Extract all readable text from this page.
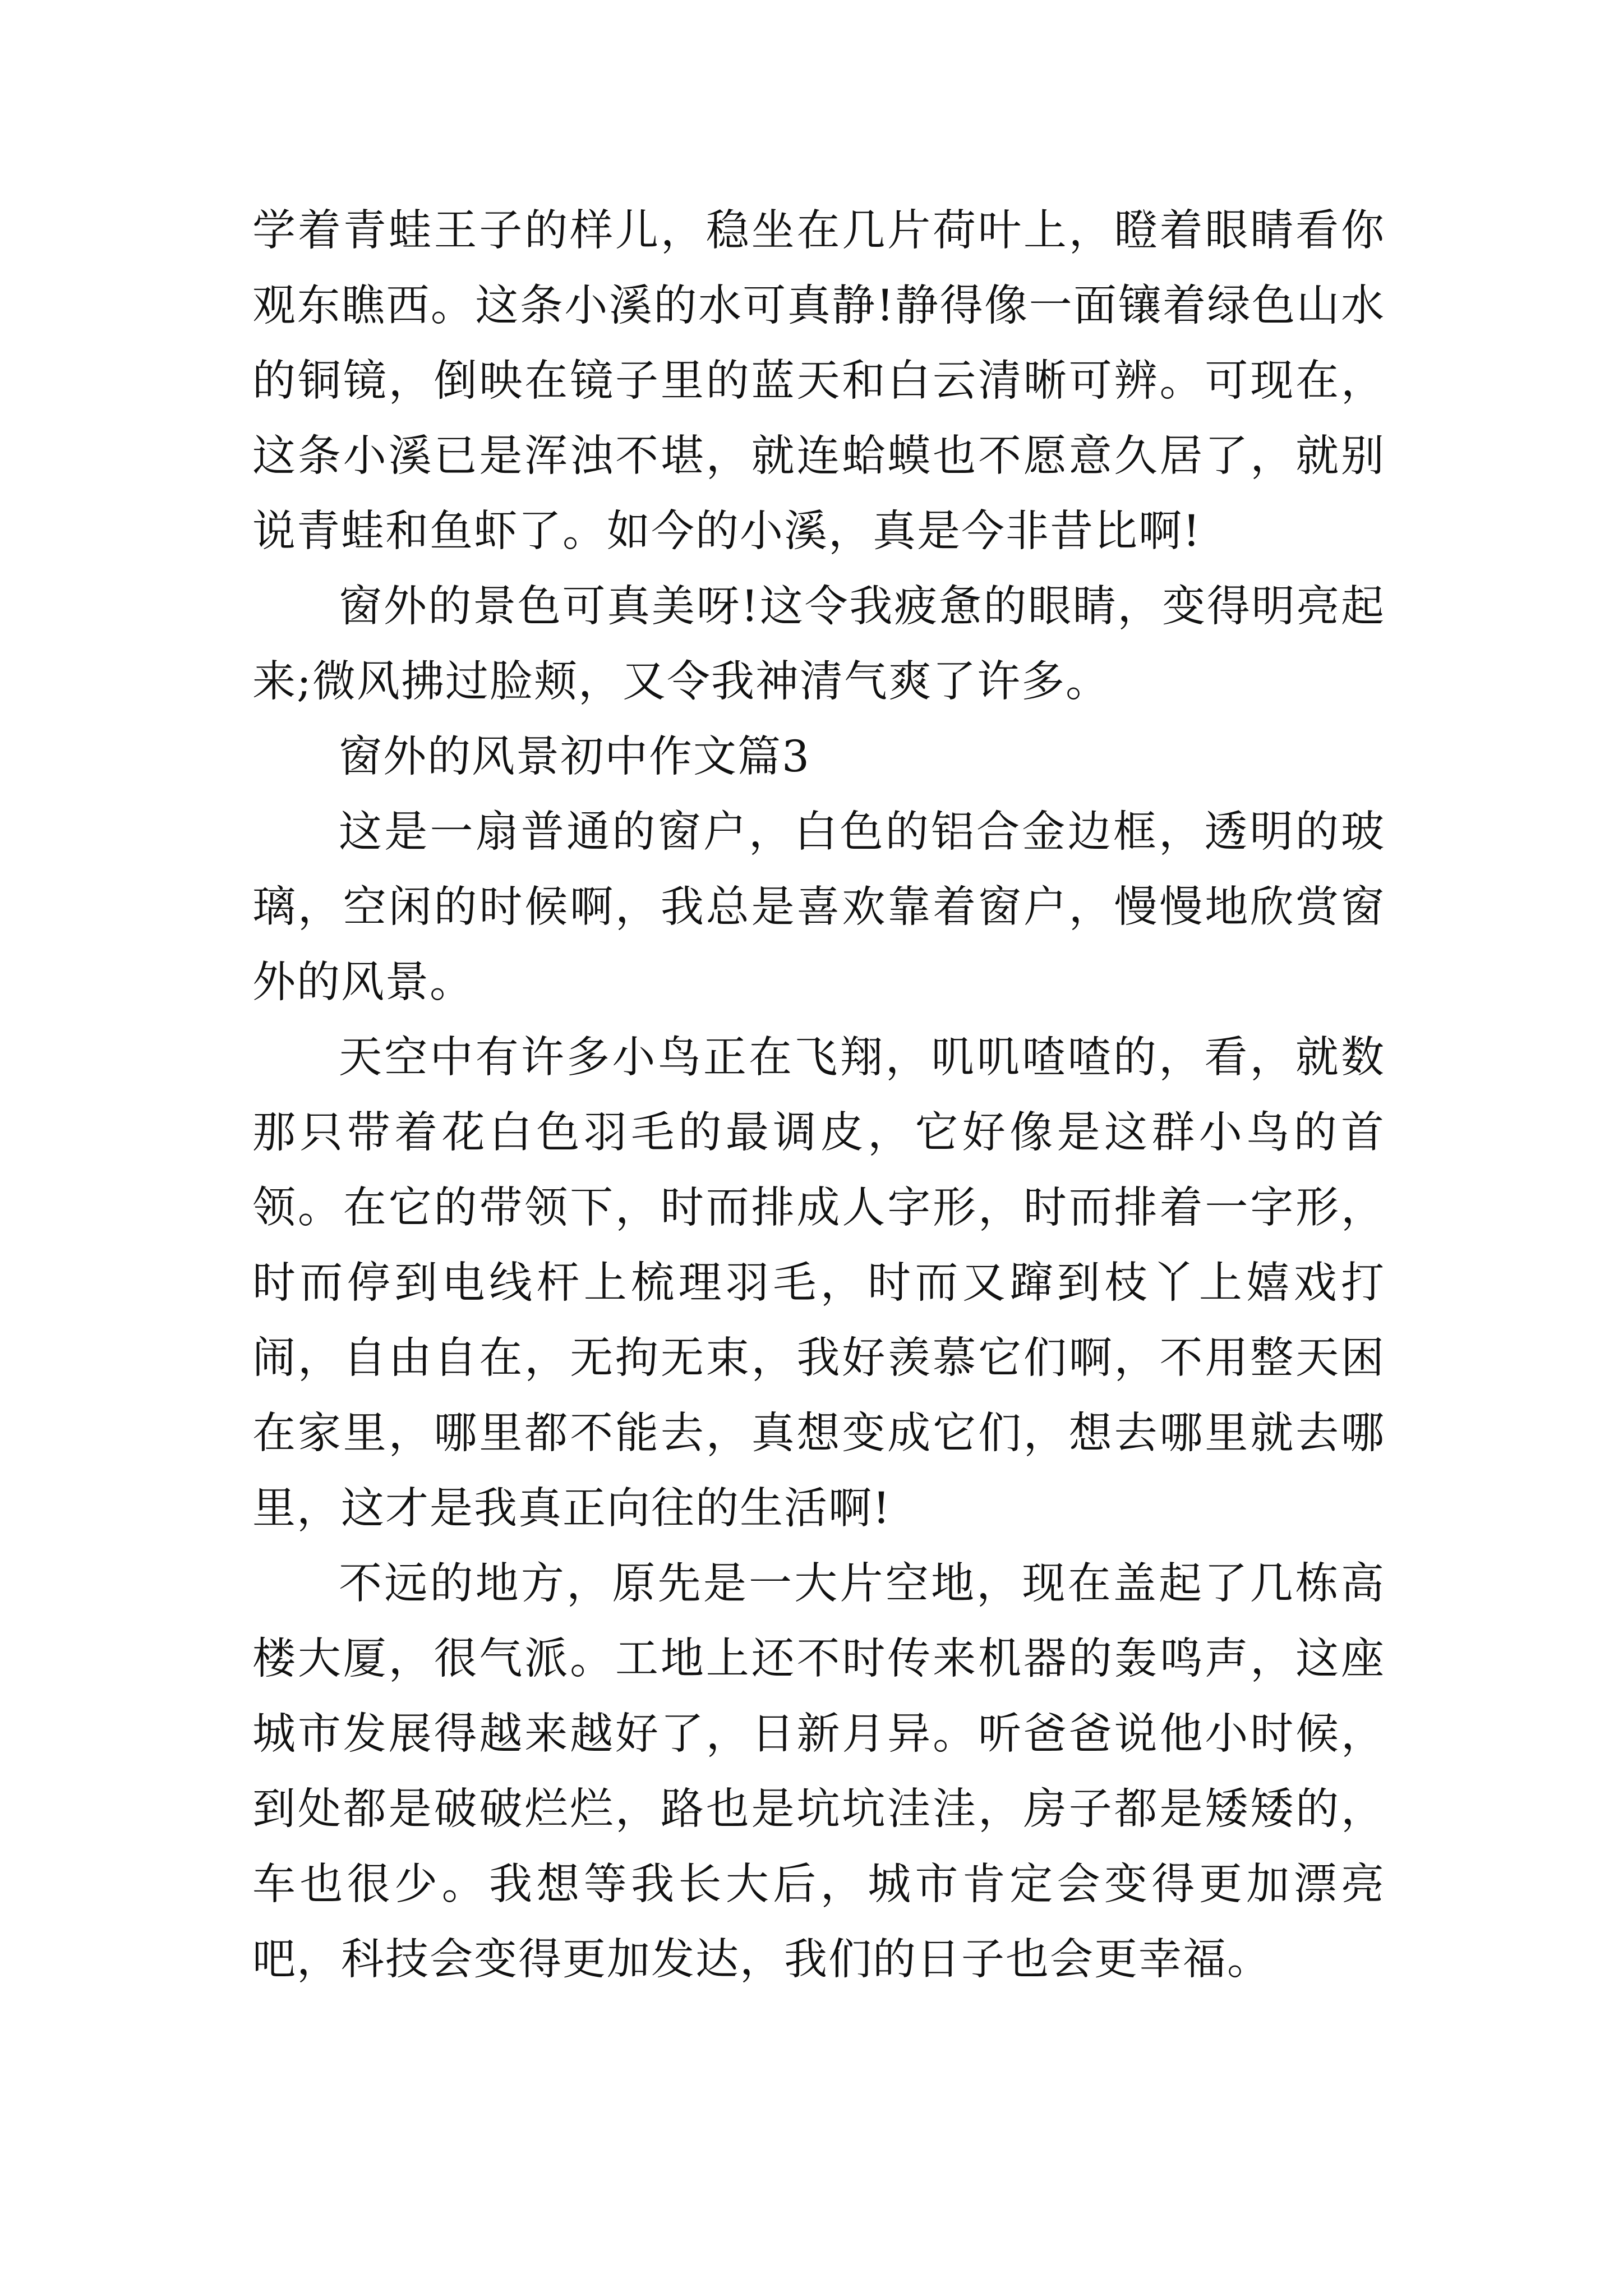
学着青蛙王子的样儿，稳坐在几片荷叶上，瞪着眼睛看你观东瞧西。这条小溪的水可真静!静得像一面镶着绿色山水的铜镜，倒映在镜子里的蓝天和白云清晰可辨。可现在，这条小溪已是浑浊不堪，就连蛤蟆也不愿意久居了，就别说青蛙和鱼虾了。如今的小溪，真是今非昔比啊!

窗外的景色可真美呀!这令我疲惫的眼睛，变得明亮起来;微风拂过脸颊，又令我神清气爽了许多。

窗外的风景初中作文篇3

这是一扇普通的窗户，白色的铝合金边框，透明的玻璃，空闲的时候啊，我总是喜欢靠着窗户，慢慢地欣赏窗外的风景。

天空中有许多小鸟正在飞翔，叽叽喳喳的，看，就数那只带着花白色羽毛的最调皮，它好像是这群小鸟的首领。在它的带领下，时而排成人字形，时而排着一字形，时而停到电线杆上梳理羽毛，时而又蹿到枝丫上嬉戏打闹，自由自在，无拘无束，我好羡慕它们啊，不用整天困在家里，哪里都不能去，真想变成它们，想去哪里就去哪里，这才是我真正向往的生活啊!

不远的地方，原先是一大片空地，现在盖起了几栋高楼大厦，很气派。工地上还不时传来机器的轰鸣声，这座城市发展得越来越好了，日新月异。听爸爸说他小时候，到处都是破破烂烂，路也是坑坑洼洼，房子都是矮矮的，车也很少。我想等我长大后，城市肯定会变得更加漂亮吧，科技会变得更加发达，我们的日子也会更幸福。
